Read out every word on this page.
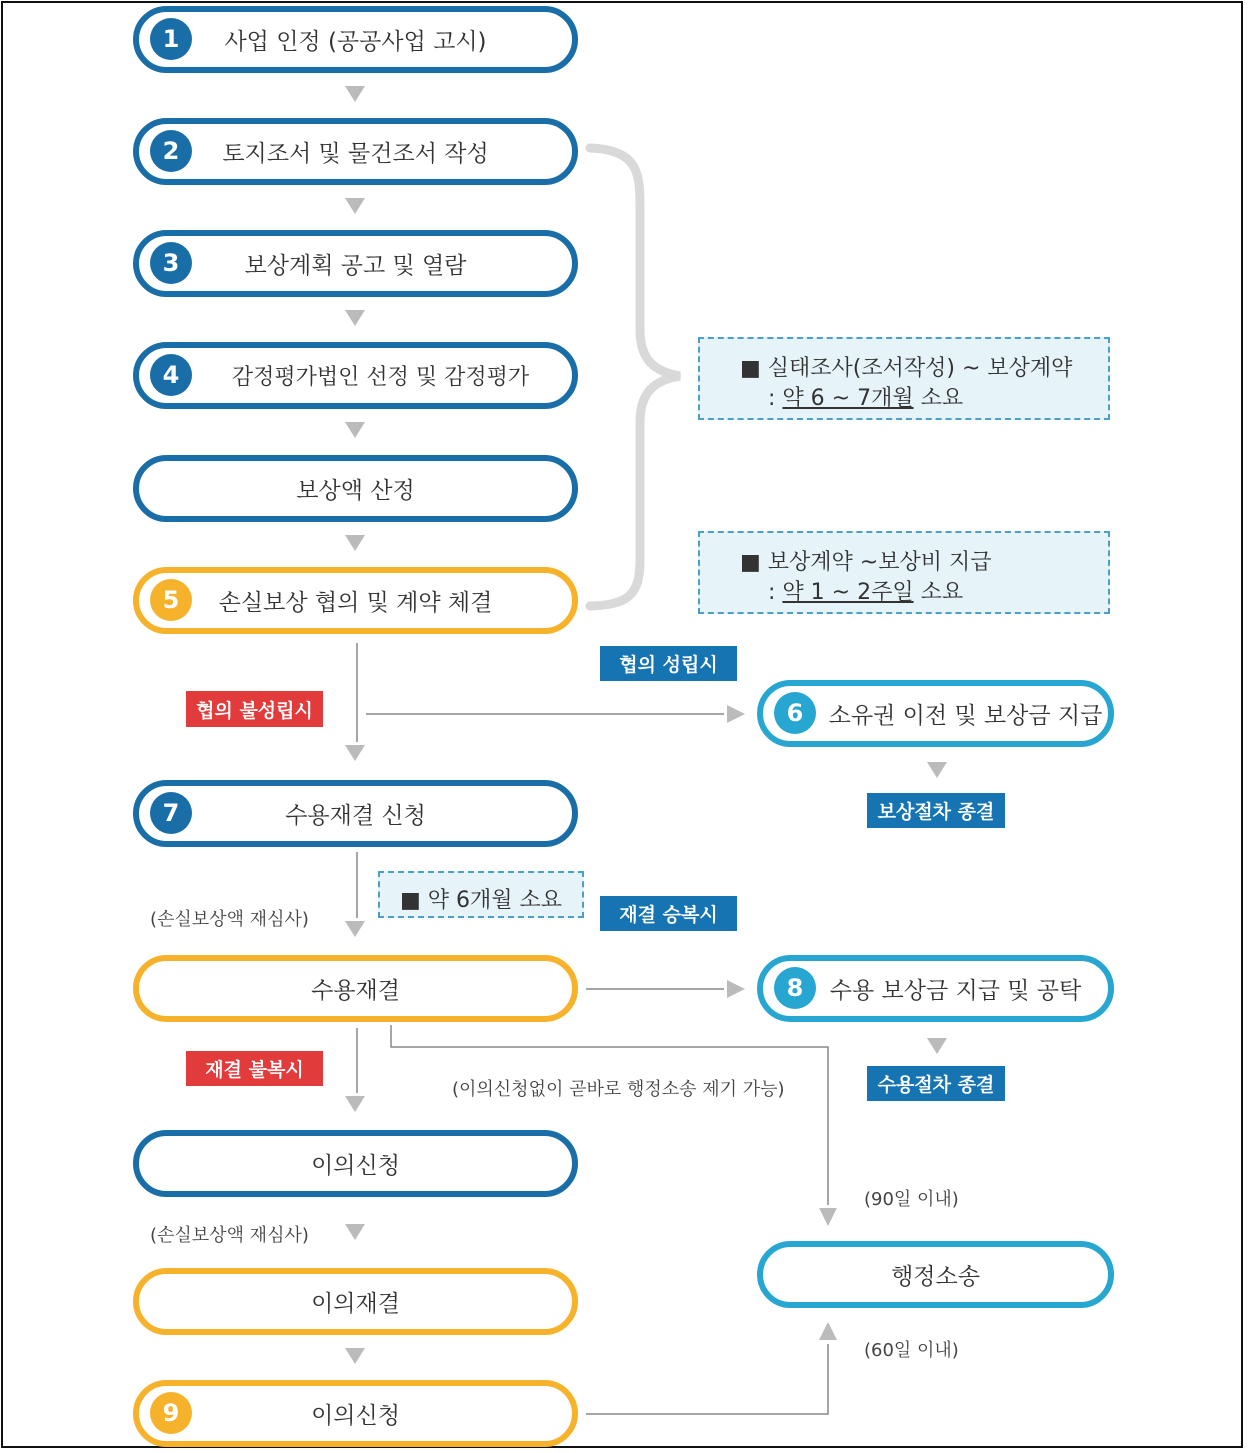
사업 인정 (공공사업 고시)
1
토지조서 및 물건조서 작성
2
보상계획 공고 및 열람
3
감정평가법인 선정 및 감정평가
4
보상액 산정
손실보상 협의 및 계약 체결
5
■ 실태조사(조서작성) ~ 보상계약
: 약 6 ~ 7개월 소요
■ 보상계약 ~보상비 지급
: 약 1 ~ 2주일 소요
협의 성립시
협의 불성립시	소유권 이전 및 보상금 지급
6
보상절차 종결
수용재결 신청
7
(손실보상액 재심사)
■ 약 6개월 소요
재결 승복시
수용재결	수용 보상금 지급 및 공탁
8
수용절차 종결
재결 불복시
(이의신청없이 곧바로 행정소송 제기 가능)
이의신청
(손실보상액 재심사)
(90일 이내)
행정소송
이의재결
(60일 이내)
이의신청
9
